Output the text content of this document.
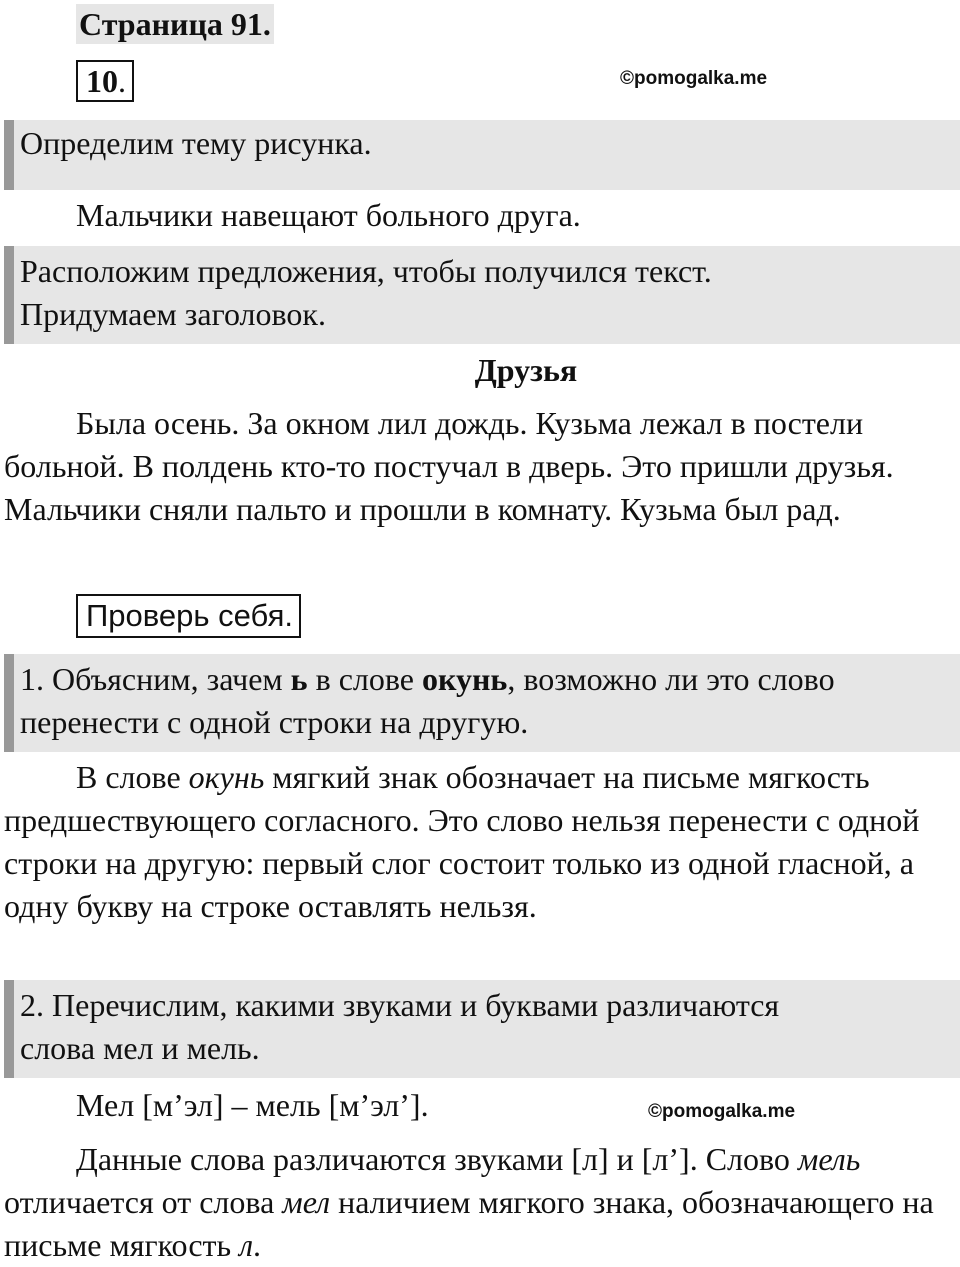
Страница 91.
10.	©pomogalka.me
Определим тему рисунка.
Мальчики навещают больного друга.
Расположим предложения, чтобы получился текст.
Придумаем заголовок.
Друзья
Была осень. За окном лил дождь. Кузьма лежал в постели больной. В полдень кто-то постучал в дверь. Это пришли друзья. Мальчики сняли пальто и прошли в комнату. Кузьма был рад.
Проверь себя.
1. Объясним, зачем ь в слове окунь, возможно ли это слово перенести с одной строки на другую.
В слове окунь мягкий знак обозначает на письме мягкость предшествующего согласного. Это слово нельзя перенести с одной строки на другую: первый слог состоит только из одной гласной, а одну букву на строке оставлять нельзя.
2. Перечислим, какими звуками и буквами различаются
слова мел и мель.
Мел [м’эл] – мель [м’эл’].	©pomogalka.me
Данные слова различаются звуками [л] и [л’]. Слово мель отличается от слова мел наличием мягкого знака, обозначающего на письме мягкость л.
